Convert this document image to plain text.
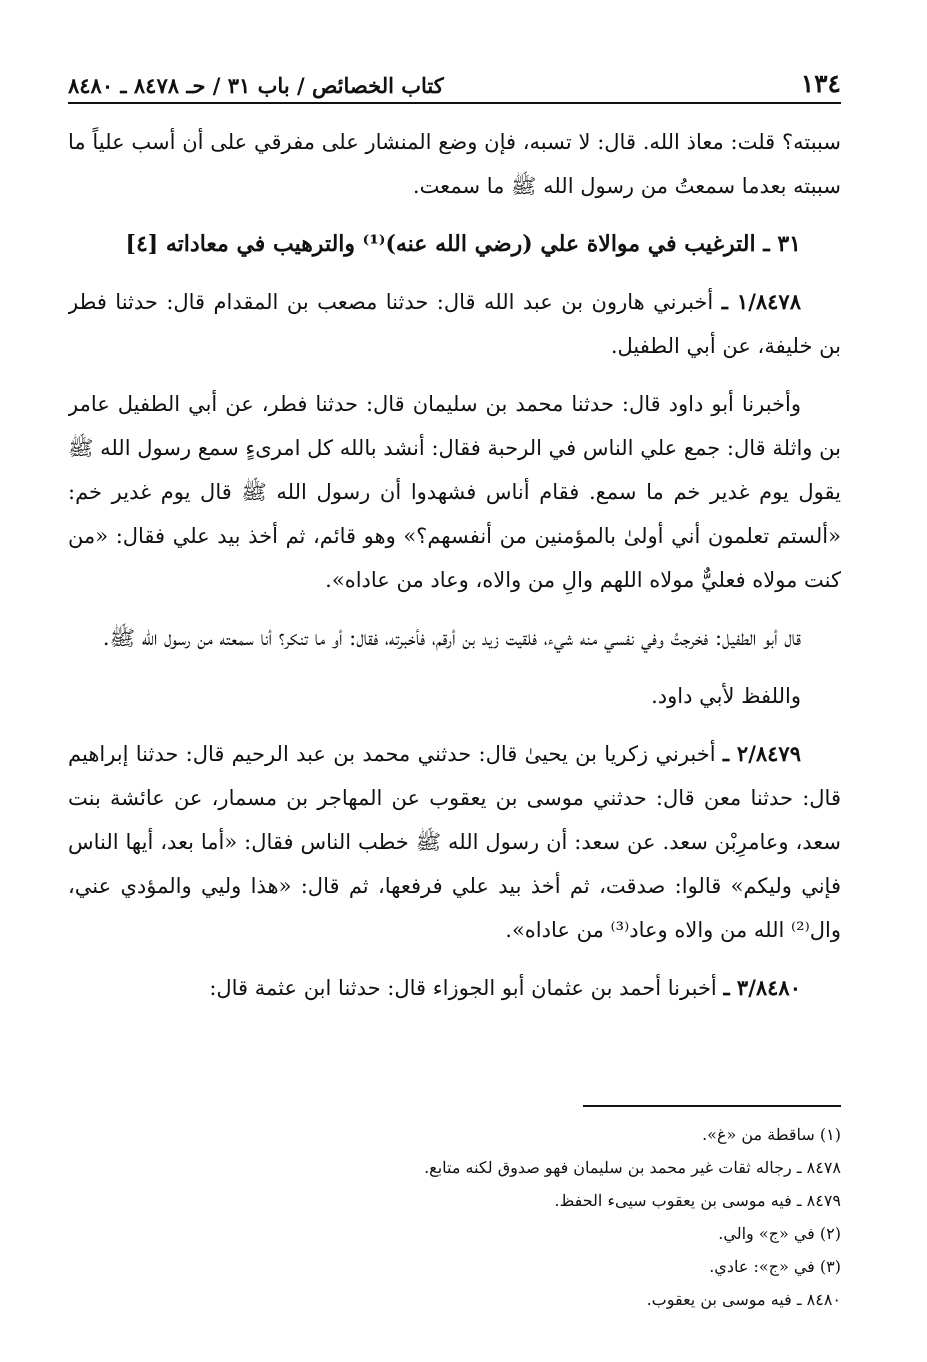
١٣٤
كتاب الخصائص / باب ٣١ / حـ ٨٤٧٨ ـ ٨٤٨٠

سببته؟ قلت: معاذ الله. قال: لا تسبه، فإن وضع المنشار على مفرقي على أن أسب علياً ما سببته بعدما سمعتُ من رسول الله ﷺ ما سمعت.

٣١ ـ الترغيب في موالاة علي (رضي الله عنه)⁽¹⁾ والترهيب في معاداته [٤]

١/٨٤٧٨ ـ أخبرني هارون بن عبد الله قال: حدثنا مصعب بن المقدام قال: حدثنا فطر بن خليفة، عن أبي الطفيل.

وأخبرنا أبو داود قال: حدثنا محمد بن سليمان قال: حدثنا فطر، عن أبي الطفيل عامر بن واثلة قال: جمع علي الناس في الرحبة فقال: أنشد بالله كل امرىءٍ سمع رسول الله ﷺ يقول يوم غدير خم ما سمع. فقام أناس فشهدوا أن رسول الله ﷺ قال يوم غدير خم: «ألستم تعلمون أني أولىٰ بالمؤمنين من أنفسهم؟» وهو قائم، ثم أخذ بيد علي فقال: «من كنت مولاه فعليٌّ مولاه اللهم والِ من والاه، وعاد من عاداه».

قال أبو الطفيل: فخرجتُ وفي نفسي منه شيء، فلقيت زيد بن أرقم، فأخبرته، فقال: أو ما تنكر؟ أنا سمعته من رسول الله ﷺ.

واللفظ لأبي داود.

٢/٨٤٧٩ ـ أخبرني زكريا بن يحيىٰ قال: حدثني محمد بن عبد الرحيم قال: حدثنا إبراهيم قال: حدثنا معن قال: حدثني موسى بن يعقوب عن المهاجر بن مسمار، عن عائشة بنت سعد، وعامرِبْن سعد. عن سعد: أن رسول الله ﷺ خطب الناس فقال: «أما بعد، أيها الناس فإني وليكم» قالوا: صدقت، ثم أخذ بيد علي فرفعها، ثم قال: «هذا وليي والمؤدي عني، وال⁽²⁾ الله من والاه وعاد⁽³⁾ من عاداه».

٣/٨٤٨٠ ـ أخبرنا أحمد بن عثمان أبو الجوزاء قال: حدثنا ابن عثمة قال:

(١) ساقطة من «غ».

٨٤٧٨ ـ رجاله ثقات غير محمد بن سليمان فهو صدوق لكنه متابع.

٨٤٧٩ ـ فيه موسى بن يعقوب سيىء الحفظ.

(٢) في «ج» والي.

(٣) في «ج»: عادي.

٨٤٨٠ ـ فيه موسى بن يعقوب.
